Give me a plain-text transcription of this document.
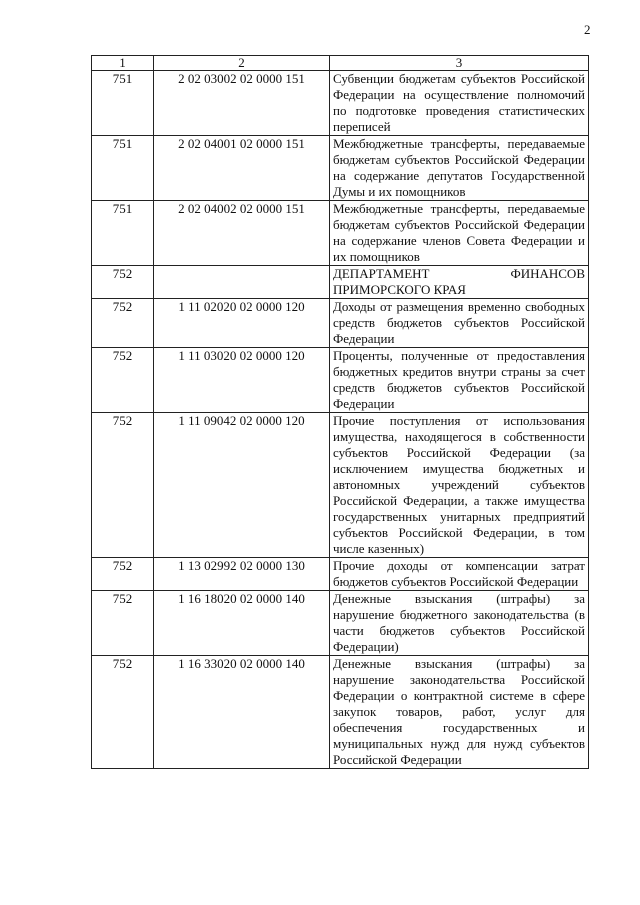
2
1	2	3
751	2 02 03002 02 0000 151	Субвенции бюджетам субъектов Российской Федерации на осуществление полномочий по подготовке проведения статистических переписей
751	2 02 04001 02 0000 151	Межбюджетные трансферты, передаваемые бюджетам субъектов Российской Федерации на содержание депутатов Государственной Думы и их помощников
751	2 02 04002 02 0000 151	Межбюджетные трансферты, передаваемые бюджетам субъектов Российской Федерации на содержание членов Совета Федерации и их помощников
752		ДЕПАРТАМЕНТ ФИНАНСОВ ПРИМОРСКОГО КРАЯ
752	1 11 02020 02 0000 120	Доходы от размещения временно свободных средств бюджетов субъектов Российской Федерации
752	1 11 03020 02 0000 120	Проценты, полученные от предоставления бюджетных кредитов внутри страны за счет средств бюджетов субъектов Российской Федерации
752	1 11 09042 02 0000 120	Прочие поступления от использования имущества, находящегося в собственности субъектов Российской Федерации (за исключением имущества бюджетных и автономных учреждений субъектов Российской Федерации, а также имущества государственных унитарных предприятий субъектов Российской Федерации, в том числе казенных)
752	1 13 02992 02 0000 130	Прочие доходы от компенсации затрат бюджетов субъектов Российской Федерации
752	1 16 18020 02 0000 140	Денежные взыскания (штрафы) за нарушение бюджетного законодательства (в части бюджетов субъектов Российской Федерации)
752	1 16 33020 02 0000 140	Денежные взыскания (штрафы) за нарушение законодательства Российской Федерации о контрактной системе в сфере закупок товаров, работ, услуг для обеспечения государственных и муниципальных нужд для нужд субъектов Российской Федерации
